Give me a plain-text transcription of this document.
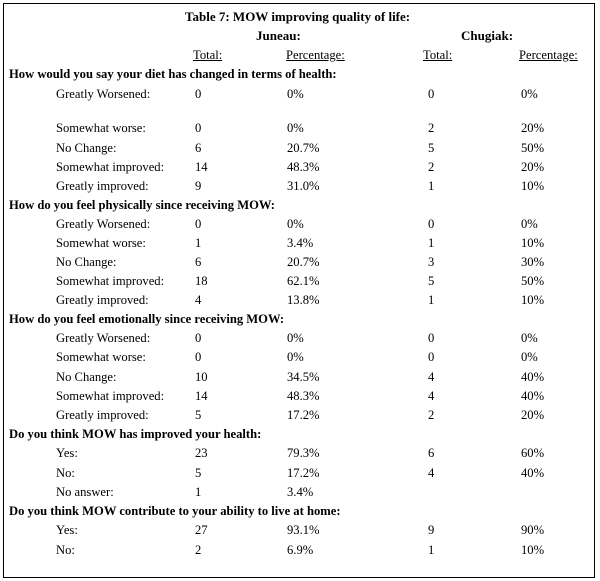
Table 7: MOW improving quality of life:
Juneau:	Chugiak:
Total:	Percentage:	Total:	Percentage:
How would you say your diet has changed in terms of health:
Greatly Worsened:	0	0%	0	0%
Somewhat worse:	0	0%	2	20%
No Change:	6	20.7%	5	50%
Somewhat improved: 14	48.3%	2	20%
Greatly improved:	9	31.0%	1	10%
How do you feel physically since receiving MOW:
Greatly Worsened:	0	0%	0	0%
Somewhat worse:	1	3.4%	1	10%
No Change:	6	20.7%	3	30%
Somewhat improved: 18	62.1%	5	50%
Greatly improved:	4	13.8%	1	10%
How do you feel emotionally since receiving MOW:
Greatly Worsened:	0	0%	0	0%
Somewhat worse:	0	0%	0	0%
No Change:	10	34.5%	4	40%
Somewhat improved: 14	48.3%	4	40%
Greatly improved:	5	17.2%	2	20%
Do you think MOW has improved your health:
Yes:	23	79.3%	6	60%
No:	5	17.2%	4	40%
No answer:	1	3.4%
Do you think MOW contribute to your ability to live at home:
Yes:	27	93.1%	9	90%
No:	2	6.9%	1	10%
